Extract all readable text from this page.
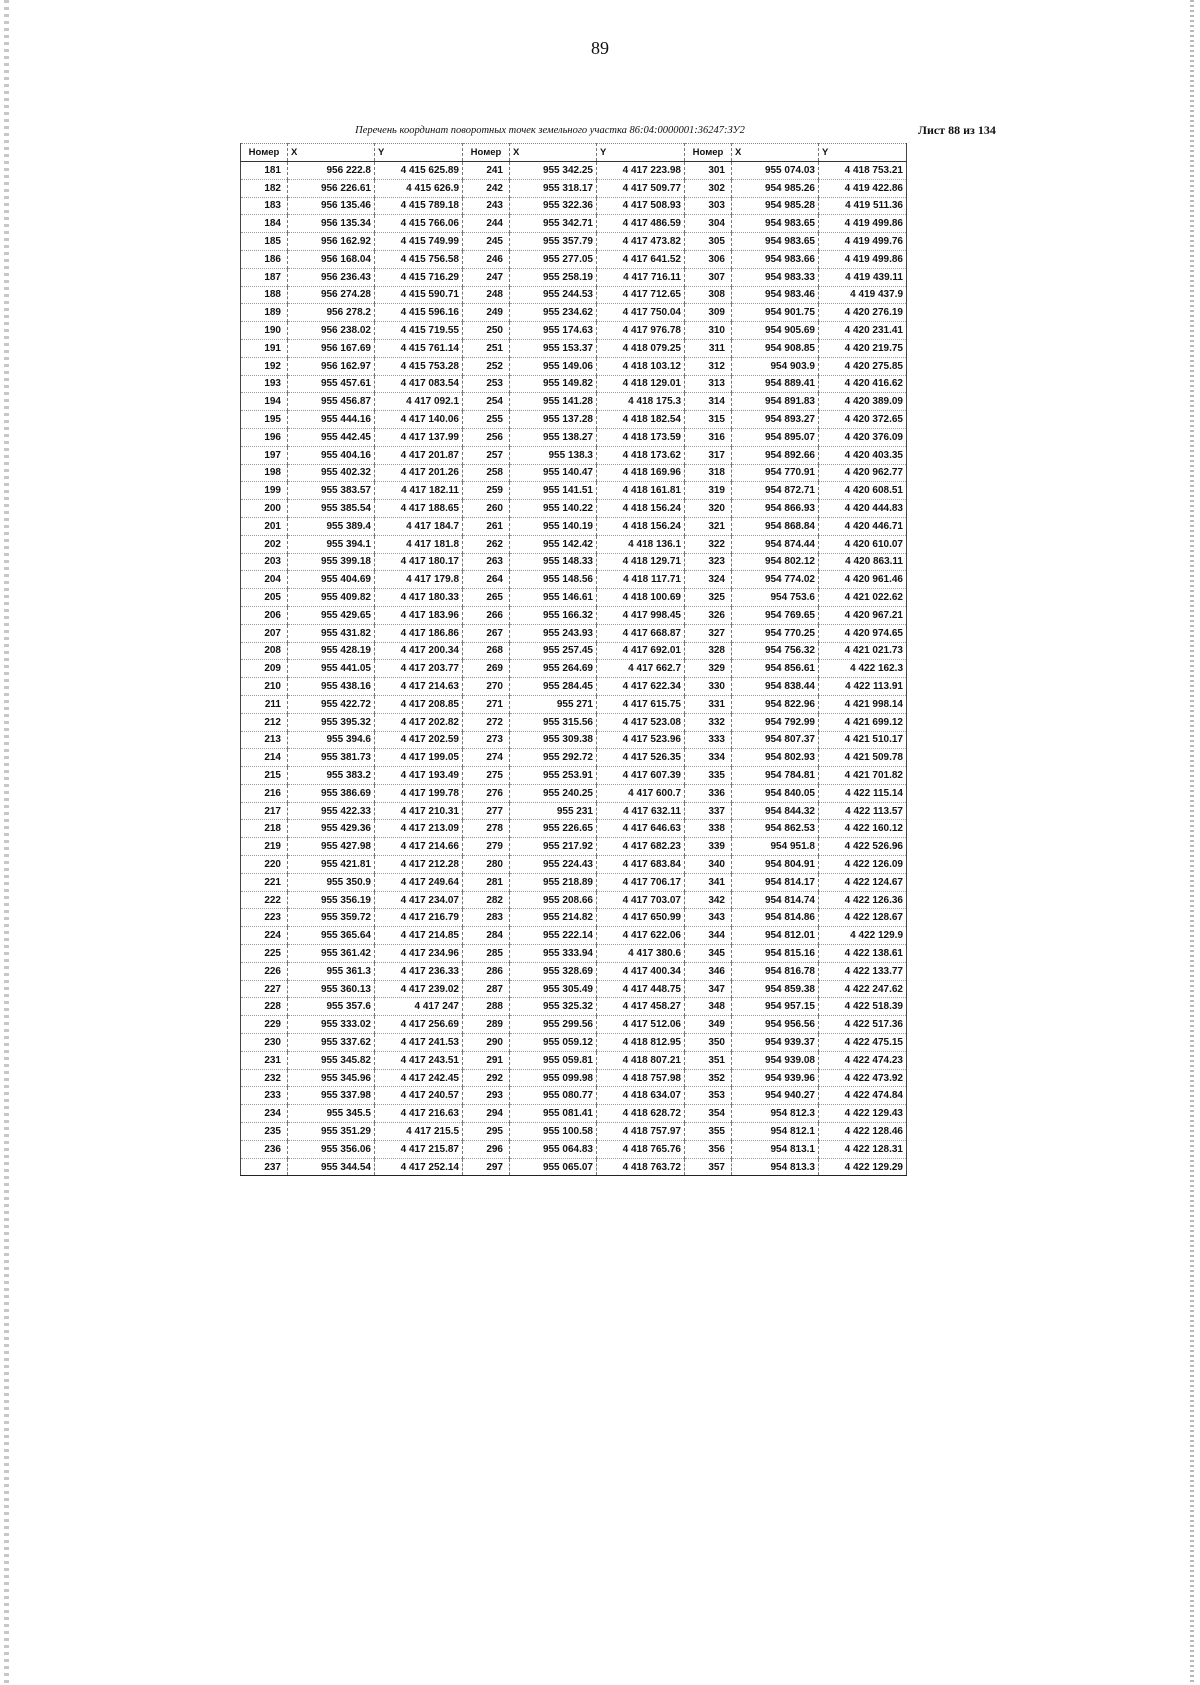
89
Перечень координат поворотных точек земельного участка 86:04:0000001:36247:ЗУ2	Лист 88 из 134
Номер	X	Y	Номер	X	Y	Номер	X	Y
181	956 222.8	4 415 625.89	241	955 342.25	4 417 223.98	301	955 074.03	4 418 753.21
182	956 226.61	4 415 626.9	242	955 318.17	4 417 509.77	302	954 985.26	4 419 422.86
183	956 135.46	4 415 789.18	243	955 322.36	4 417 508.93	303	954 985.28	4 419 511.36
184	956 135.34	4 415 766.06	244	955 342.71	4 417 486.59	304	954 983.65	4 419 499.86
185	956 162.92	4 415 749.99	245	955 357.79	4 417 473.82	305	954 983.65	4 419 499.76
186	956 168.04	4 415 756.58	246	955 277.05	4 417 641.52	306	954 983.66	4 419 499.86
187	956 236.43	4 415 716.29	247	955 258.19	4 417 716.11	307	954 983.33	4 419 439.11
188	956 274.28	4 415 590.71	248	955 244.53	4 417 712.65	308	954 983.46	4 419 437.9
189	956 278.2	4 415 596.16	249	955 234.62	4 417 750.04	309	954 901.75	4 420 276.19
190	956 238.02	4 415 719.55	250	955 174.63	4 417 976.78	310	954 905.69	4 420 231.41
191	956 167.69	4 415 761.14	251	955 153.37	4 418 079.25	311	954 908.85	4 420 219.75
192	956 162.97	4 415 753.28	252	955 149.06	4 418 103.12	312	954 903.9	4 420 275.85
193	955 457.61	4 417 083.54	253	955 149.82	4 418 129.01	313	954 889.41	4 420 416.62
194	955 456.87	4 417 092.1	254	955 141.28	4 418 175.3	314	954 891.83	4 420 389.09
195	955 444.16	4 417 140.06	255	955 137.28	4 418 182.54	315	954 893.27	4 420 372.65
196	955 442.45	4 417 137.99	256	955 138.27	4 418 173.59	316	954 895.07	4 420 376.09
197	955 404.16	4 417 201.87	257	955 138.3	4 418 173.62	317	954 892.66	4 420 403.35
198	955 402.32	4 417 201.26	258	955 140.47	4 418 169.96	318	954 770.91	4 420 962.77
199	955 383.57	4 417 182.11	259	955 141.51	4 418 161.81	319	954 872.71	4 420 608.51
200	955 385.54	4 417 188.65	260	955 140.22	4 418 156.24	320	954 866.93	4 420 444.83
201	955 389.4	4 417 184.7	261	955 140.19	4 418 156.24	321	954 868.84	4 420 446.71
202	955 394.1	4 417 181.8	262	955 142.42	4 418 136.1	322	954 874.44	4 420 610.07
203	955 399.18	4 417 180.17	263	955 148.33	4 418 129.71	323	954 802.12	4 420 863.11
204	955 404.69	4 417 179.8	264	955 148.56	4 418 117.71	324	954 774.02	4 420 961.46
205	955 409.82	4 417 180.33	265	955 146.61	4 418 100.69	325	954 753.6	4 421 022.62
206	955 429.65	4 417 183.96	266	955 166.32	4 417 998.45	326	954 769.65	4 420 967.21
207	955 431.82	4 417 186.86	267	955 243.93	4 417 668.87	327	954 770.25	4 420 974.65
208	955 428.19	4 417 200.34	268	955 257.45	4 417 692.01	328	954 756.32	4 421 021.73
209	955 441.05	4 417 203.77	269	955 264.69	4 417 662.7	329	954 856.61	4 422 162.3
210	955 438.16	4 417 214.63	270	955 284.45	4 417 622.34	330	954 838.44	4 422 113.91
211	955 422.72	4 417 208.85	271	955 271	4 417 615.75	331	954 822.96	4 421 998.14
212	955 395.32	4 417 202.82	272	955 315.56	4 417 523.08	332	954 792.99	4 421 699.12
213	955 394.6	4 417 202.59	273	955 309.38	4 417 523.96	333	954 807.37	4 421 510.17
214	955 381.73	4 417 199.05	274	955 292.72	4 417 526.35	334	954 802.93	4 421 509.78
215	955 383.2	4 417 193.49	275	955 253.91	4 417 607.39	335	954 784.81	4 421 701.82
216	955 386.69	4 417 199.78	276	955 240.25	4 417 600.7	336	954 840.05	4 422 115.14
217	955 422.33	4 417 210.31	277	955 231	4 417 632.11	337	954 844.32	4 422 113.57
218	955 429.36	4 417 213.09	278	955 226.65	4 417 646.63	338	954 862.53	4 422 160.12
219	955 427.98	4 417 214.66	279	955 217.92	4 417 682.23	339	954 951.8	4 422 526.96
220	955 421.81	4 417 212.28	280	955 224.43	4 417 683.84	340	954 804.91	4 422 126.09
221	955 350.9	4 417 249.64	281	955 218.89	4 417 706.17	341	954 814.17	4 422 124.67
222	955 356.19	4 417 234.07	282	955 208.66	4 417 703.07	342	954 814.74	4 422 126.36
223	955 359.72	4 417 216.79	283	955 214.82	4 417 650.99	343	954 814.86	4 422 128.67
224	955 365.64	4 417 214.85	284	955 222.14	4 417 622.06	344	954 812.01	4 422 129.9
225	955 361.42	4 417 234.96	285	955 333.94	4 417 380.6	345	954 815.16	4 422 138.61
226	955 361.3	4 417 236.33	286	955 328.69	4 417 400.34	346	954 816.78	4 422 133.77
227	955 360.13	4 417 239.02	287	955 305.49	4 417 448.75	347	954 859.38	4 422 247.62
228	955 357.6	4 417 247	288	955 325.32	4 417 458.27	348	954 957.15	4 422 518.39
229	955 333.02	4 417 256.69	289	955 299.56	4 417 512.06	349	954 956.56	4 422 517.36
230	955 337.62	4 417 241.53	290	955 059.12	4 418 812.95	350	954 939.37	4 422 475.15
231	955 345.82	4 417 243.51	291	955 059.81	4 418 807.21	351	954 939.08	4 422 474.23
232	955 345.96	4 417 242.45	292	955 099.98	4 418 757.98	352	954 939.96	4 422 473.92
233	955 337.98	4 417 240.57	293	955 080.77	4 418 634.07	353	954 940.27	4 422 474.84
234	955 345.5	4 417 216.63	294	955 081.41	4 418 628.72	354	954 812.3	4 422 129.43
235	955 351.29	4 417 215.5	295	955 100.58	4 418 757.97	355	954 812.1	4 422 128.46
236	955 356.06	4 417 215.87	296	955 064.83	4 418 765.76	356	954 813.1	4 422 128.31
237	955 344.54	4 417 252.14	297	955 065.07	4 418 763.72	357	954 813.3	4 422 129.29
